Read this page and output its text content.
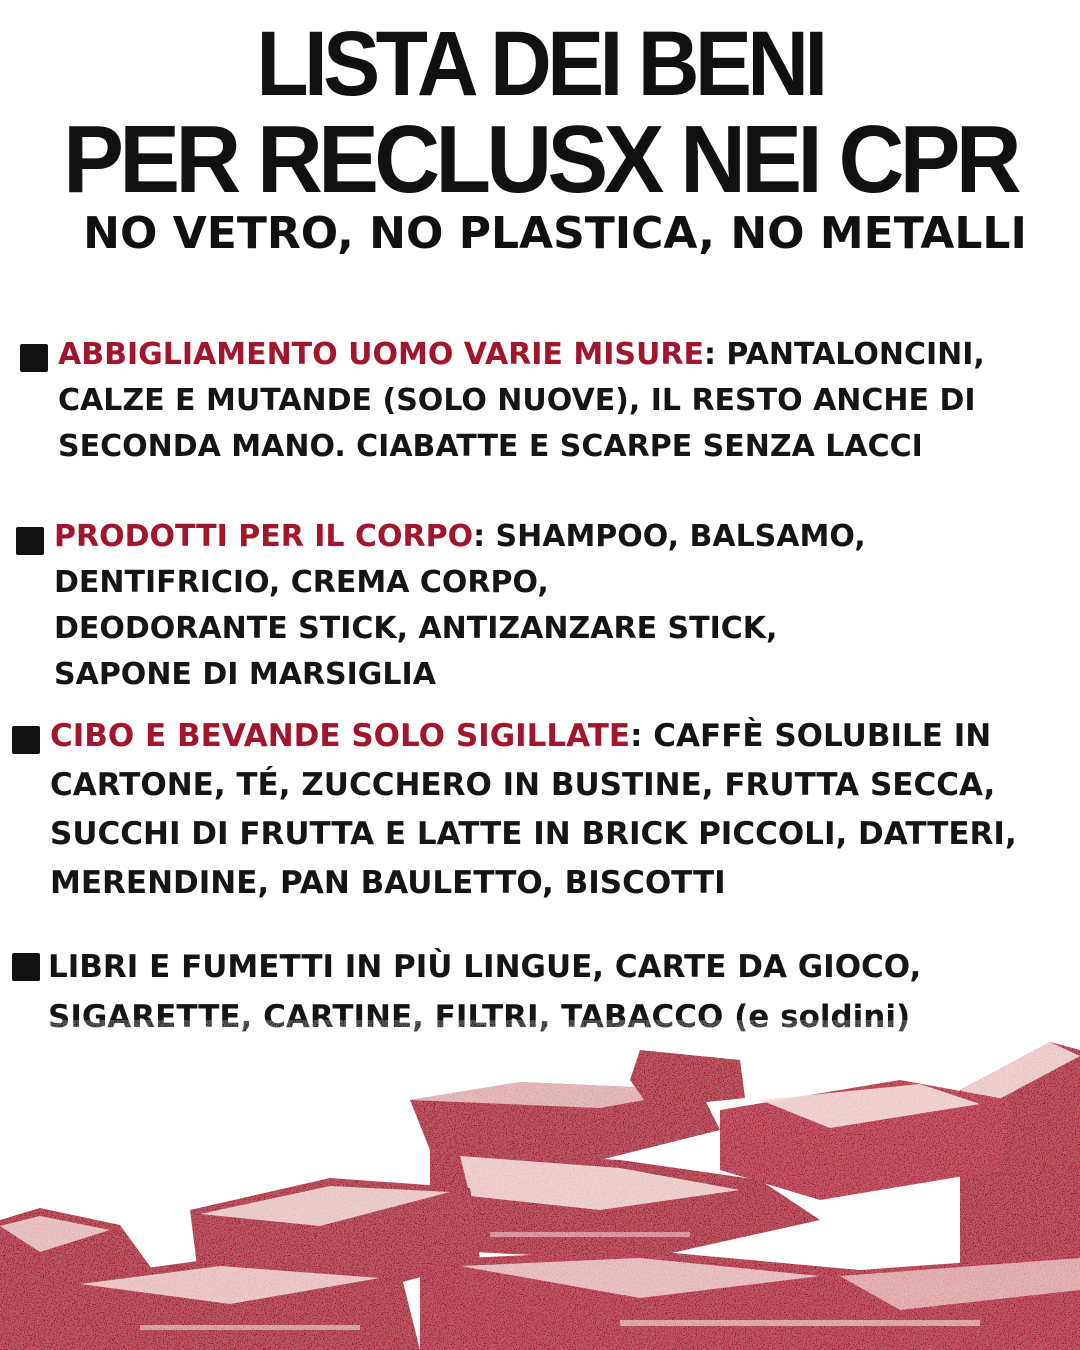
LISTA DEI BENI
PER RECLUSX NEI CPR
NO VETRO, NO PLASTICA, NO METALLI
ABBIGLIAMENTO UOMO VARIE MISURE: PANTALONCINI,
CALZE E MUTANDE (SOLO NUOVE), IL RESTO ANCHE DI
SECONDA MANO. CIABATTE E SCARPE SENZA LACCI
PRODOTTI PER IL CORPO: SHAMPOO, BALSAMO,
DENTIFRICIO, CREMA CORPO,
DEODORANTE STICK, ANTIZANZARE STICK,
SAPONE DI MARSIGLIA
CIBO E BEVANDE SOLO SIGILLATE: CAFFÈ SOLUBILE IN
CARTONE, TÉ, ZUCCHERO IN BUSTINE, FRUTTA SECCA,
SUCCHI DI FRUTTA E LATTE IN BRICK PICCOLI, DATTERI,
MERENDINE, PAN BAULETTO, BISCOTTI
LIBRI E FUMETTI IN PIÙ LINGUE, CARTE DA GIOCO,
SIGARETTE, CARTINE, FILTRI, TABACCO (e soldini)
